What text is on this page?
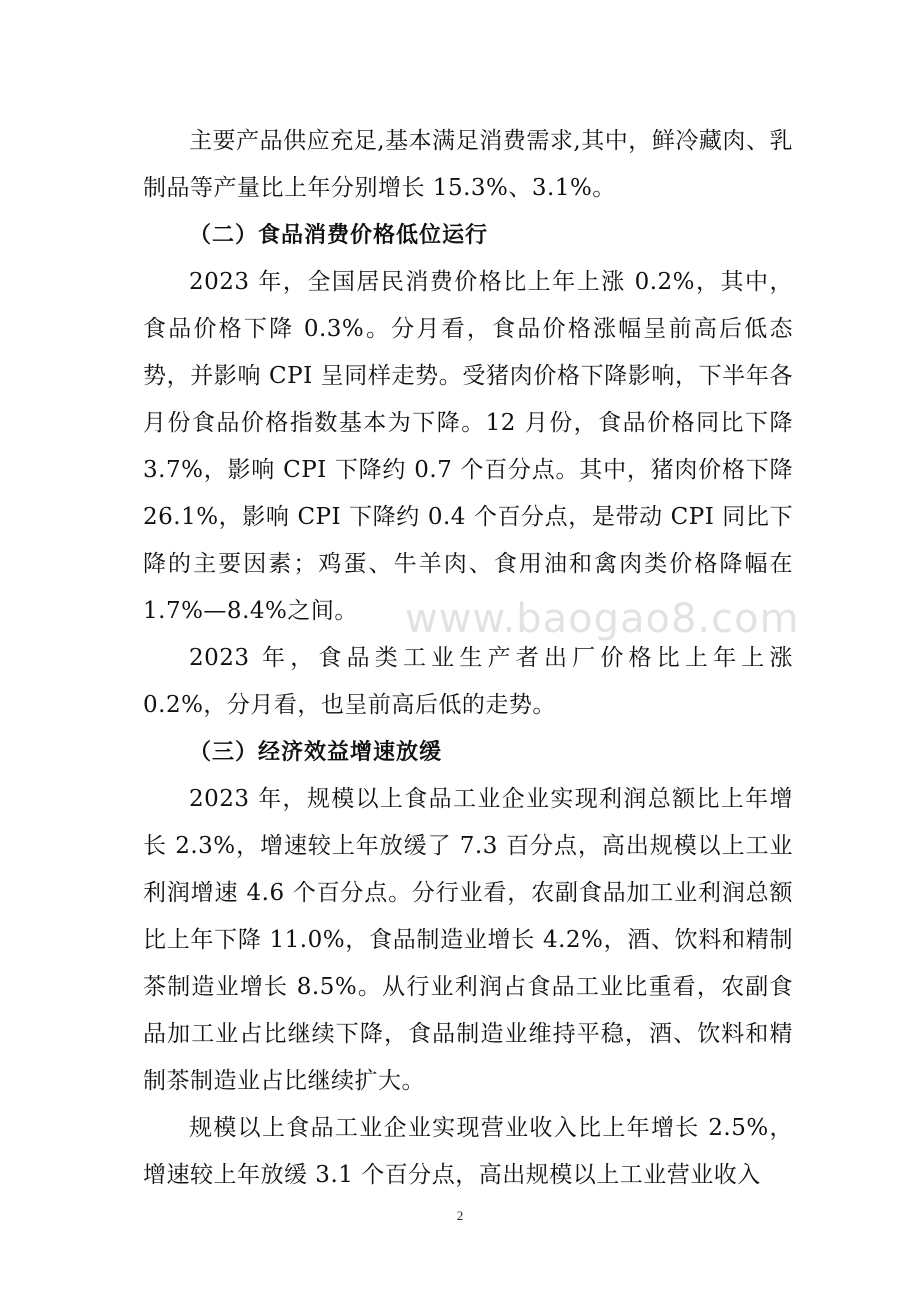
主要产品供应充足,基本满足消费需求,其中，鲜冷藏肉、乳制品等产量比上年分别增长 15.3%、3.1%。

（二）食品消费价格低位运行

2023 年，全国居民消费价格比上年上涨 0.2%，其中，食品价格下降 0.3%。分月看，食品价格涨幅呈前高后低态势，并影响 CPI 呈同样走势。受猪肉价格下降影响，下半年各月份食品价格指数基本为下降。12 月份，食品价格同比下降 3.7%，影响 CPI 下降约 0.7 个百分点。其中，猪肉价格下降 26.1%，影响 CPI 下降约 0.4 个百分点，是带动 CPI 同比下降的主要因素；鸡蛋、牛羊肉、食用油和禽肉类价格降幅在 1.7%—8.4%之间。

2023 年，食品类工业生产者出厂价格比上年上涨 0.2%，分月看，也呈前高后低的走势。

（三）经济效益增速放缓

2023 年，规模以上食品工业企业实现利润总额比上年增长 2.3%，增速较上年放缓了 7.3 百分点，高出规模以上工业利润增速 4.6 个百分点。分行业看，农副食品加工业利润总额比上年下降 11.0%，食品制造业增长 4.2%，酒、饮料和精制茶制造业增长 8.5%。从行业利润占食品工业比重看，农副食品加工业占比继续下降，食品制造业维持平稳，酒、饮料和精制茶制造业占比继续扩大。

规模以上食品工业企业实现营业收入比上年增长 2.5%，增速较上年放缓 3.1 个百分点，高出规模以上工业营业收入

www.baogao8.com
2
